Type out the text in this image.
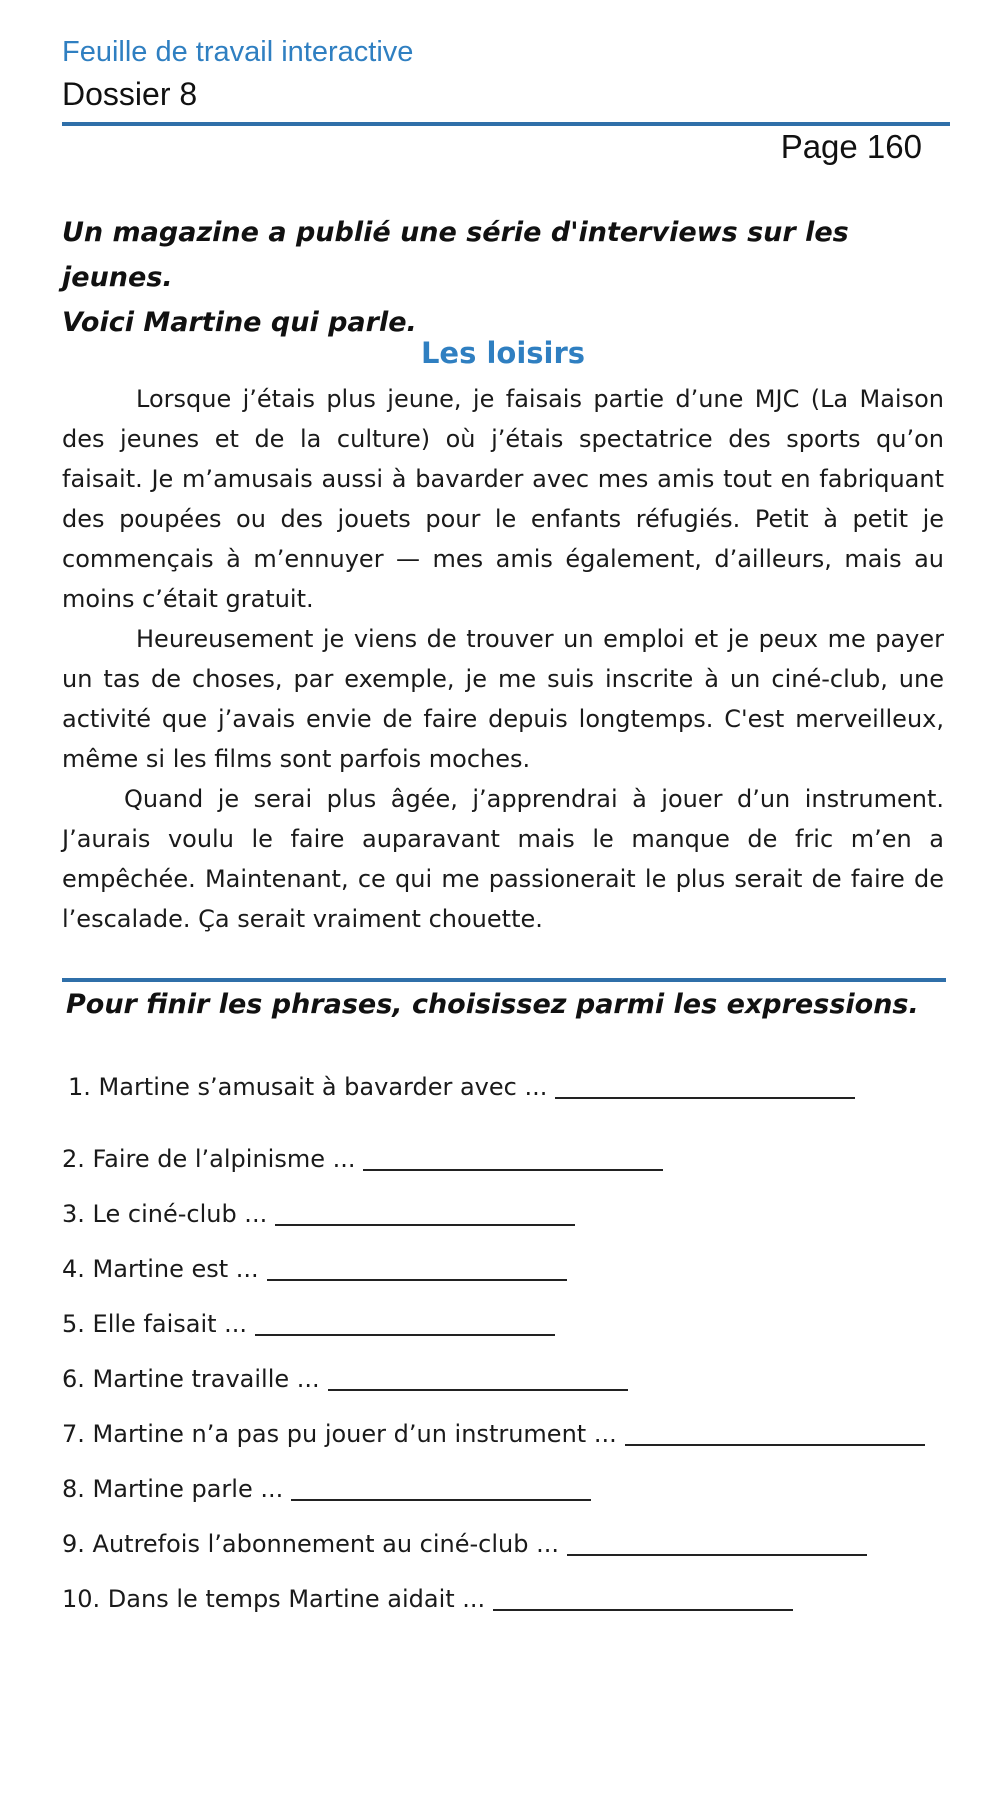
Feuille de travail interactive
Dossier 8
Page 160
Un magazine a publié une série d'interviews sur les jeunes.
Voici Martine qui parle.
Les loisirs

Lorsque j’étais plus jeune, je faisais partie d’une MJC (La Maison des jeunes et de la culture) où j’étais spectatrice des sports qu’on faisait. Je m’amusais aussi à bavarder avec mes amis tout en fabriquant des poupées ou des jouets pour le enfants réfugiés. Petit à petit je commençais à m’ennuyer — mes amis également, d’ailleurs, mais au moins c’était gratuit.

Heureusement je viens de trouver un emploi et je peux me payer un tas de choses, par exemple, je me suis inscrite à un ciné-club, une activité que j’avais envie de faire depuis longtemps. C'est merveilleux, même si les films sont parfois moches.

Quand je serai plus âgée, j’apprendrai à jouer d’un instrument. J’aurais voulu le faire auparavant mais le manque de fric m’en a empêchée. Maintenant, ce qui me passionerait le plus serait de faire de l’escalade. Ça serait vraiment chouette.

Pour finir les phrases, choisissez parmi les expressions.
1. Martine s’amusait à bavarder avec ...
2. Faire de l’alpinisme ...
3. Le ciné-club ...
4. Martine est ...
5. Elle faisait ...
6. Martine travaille ...
7. Martine n’a pas pu jouer d’un instrument ...
8. Martine parle ...
9. Autrefois l’abonnement au ciné-club ...
10. Dans le temps Martine aidait ...
